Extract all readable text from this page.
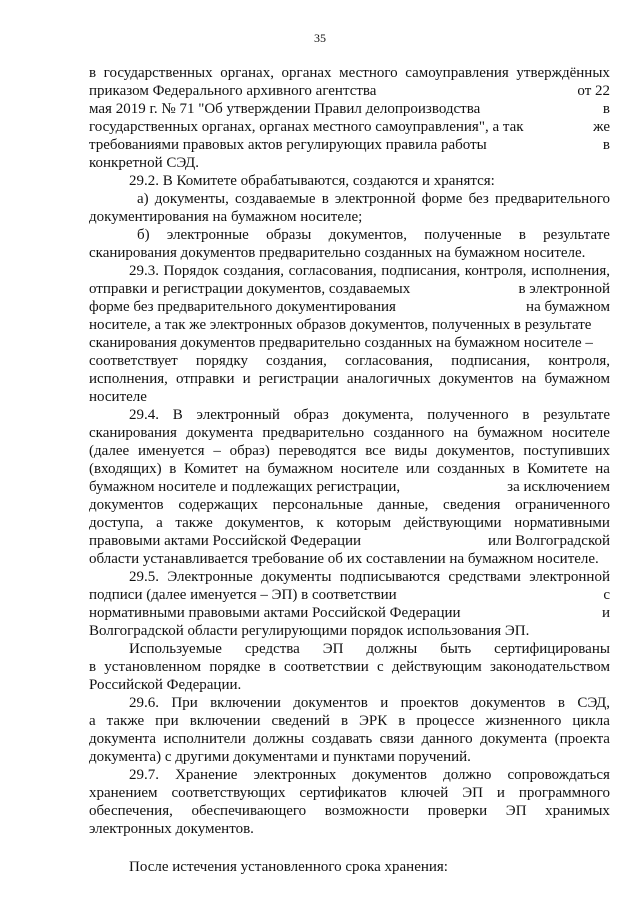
35
в государственных органах, органах местного самоуправления утверждённых
приказом Федерального архивного агентства	от 22
мая 2019 г. № 71 "Об утверждении Правил делопроизводства	в
государственных органах, органах местного самоуправления", а так	же
требованиями правовых актов регулирующих правила работы	в
конкретной СЭД.
29.2. В Комитете обрабатываются, создаются и хранятся:
а) документы, создаваемые в электронной форме без предварительного
документирования на бумажном носителе;
б) электронные образы документов, полученные в результате
сканирования документов предварительно созданных на бумажном носителе.
29.3. Порядок создания, согласования, подписания, контроля, исполнения,
отправки и регистрации документов, создаваемых	в электронной
форме без предварительного документирования	на бумажном
носителе, а так же электронных образов документов, полученных в результате
сканирования документов предварительно созданных на бумажном носителе –
соответствует порядку создания, согласования, подписания, контроля,
исполнения, отправки и регистрации аналогичных документов на бумажном
носителе
29.4. В электронный образ документа, полученного в результате
сканирования документа предварительно созданного на бумажном носителе
(далее именуется – образ) переводятся все виды документов, поступивших
(входящих) в Комитет на бумажном носителе или созданных в Комитете на
бумажном носителе и подлежащих регистрации,	за исключением
документов содержащих персональные данные, сведения ограниченного
доступа, а также документов, к которым действующими нормативными
правовыми актами Российской Федерации	или Волгоградской
области устанавливается требование об их составлении на бумажном носителе.
29.5. Электронные документы подписываются средствами электронной
подписи (далее именуется – ЭП) в соответствии	с
нормативными правовыми актами Российской Федерации	и
Волгоградской области регулирующими порядок использования ЭП.
Используемые средства ЭП должны быть сертифицированы
в установленном порядке в соответствии с действующим законодательством
Российской Федерации.
29.6. При включении документов и проектов документов в СЭД,
а также при включении сведений в ЭРК в процессе жизненного цикла
документа исполнители должны создавать связи данного документа (проекта
документа) с другими документами и пунктами поручений.
29.7. Хранение электронных документов должно сопровождаться
хранением соответствующих сертификатов ключей ЭП и программного
обеспечения, обеспечивающего возможности проверки ЭП хранимых
электронных документов.
После истечения установленного срока хранения:
